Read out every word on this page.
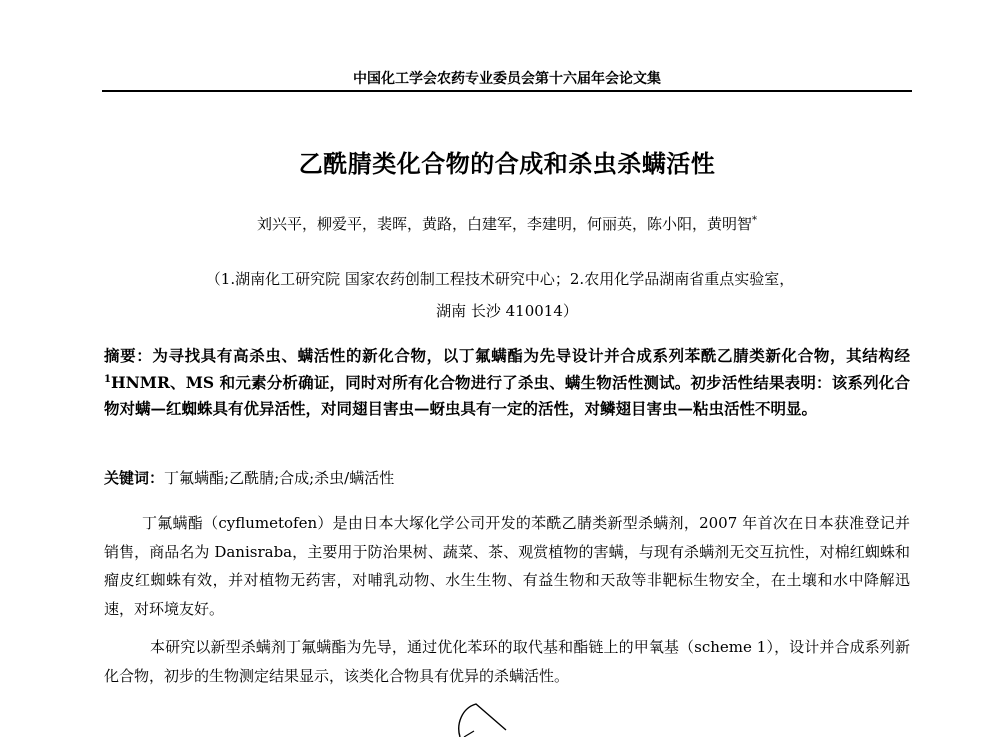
中国化工学会农药专业委员会第十六届年会论文集
乙酰腈类化合物的合成和杀虫杀螨活性
刘兴平，柳爱平，裴晖，黄路，白建军，李建明，何丽英，陈小阳，黄明智*
（1.湖南化工研究院 国家农药创制工程技术研究中心；2.农用化学品湖南省重点实验室，
湖南 长沙 410014）
摘要：为寻找具有高杀虫、螨活性的新化合物，以丁氟螨酯为先导设计并合成系列苯酰乙腈类新化合物，其结构经 $^1$HNMR、MS 和元素分析确证，同时对所有化合物进行了杀虫、螨生物活性测试。初步活性结果表明：该系列化合物对螨—红蜘蛛具有优异活性，对同翅目害虫—蚜虫具有一定的活性，对鳞翅目害虫—粘虫活性不明显。
关键词：丁氟螨酯;乙酰腈;合成;杀虫/螨活性
丁氟螨酯（cyflumetofen）是由日本大塚化学公司开发的苯酰乙腈类新型杀螨剂，2007 年首次在日本获准登记并销售，商品名为 Danisraba，主要用于防治果树、蔬菜、茶、观赏植物的害螨，与现有杀螨剂无交互抗性，对棉红蜘蛛和瘤皮红蜘蛛有效，并对植物无药害，对哺乳动物、水生生物、有益生物和天敌等非靶标生物安全，在土壤和水中降解迅速，对环境友好。
本研究以新型杀螨剂丁氟螨酯为先导，通过优化苯环的取代基和酯链上的甲氧基（scheme 1），设计并合成系列新化合物，初步的生物测定结果显示，该类化合物具有优异的杀螨活性。
